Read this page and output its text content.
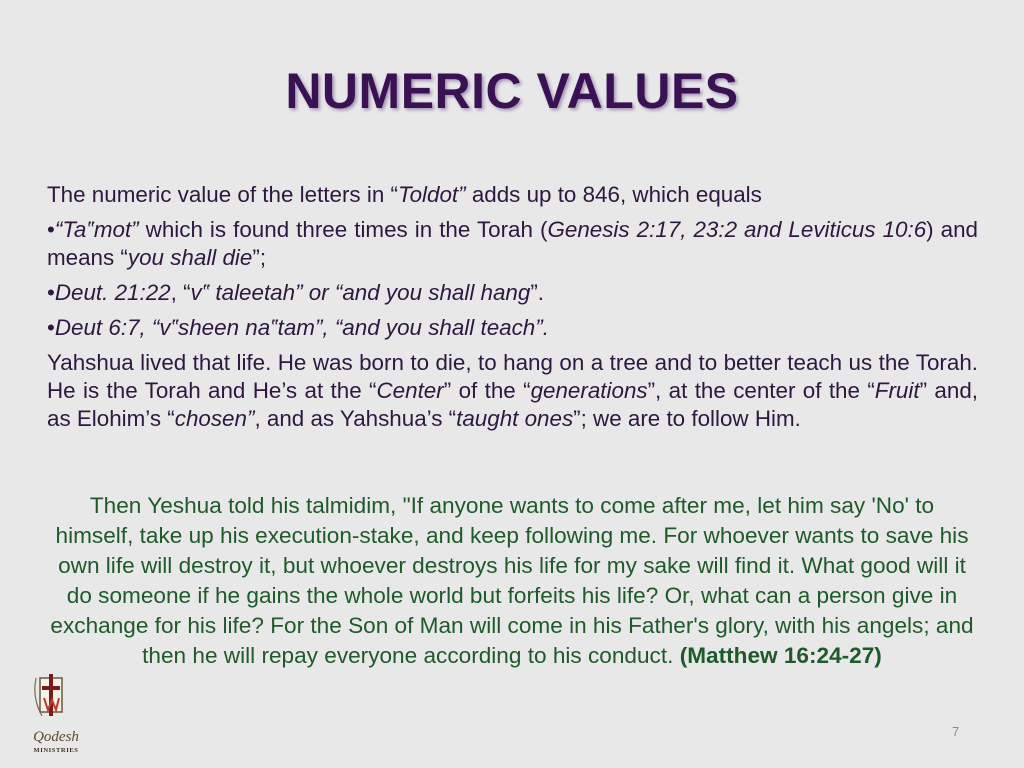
NUMERIC VALUES

The numeric value of the letters in “Toldot” adds up to 846, which equals

•“Ta‟mot” which is found three times in the Torah (Genesis 2:17, 23:2 and Leviticus 10:6) and means “you shall die”;

•Deut. 21:22, “v‟ taleetah” or “and you shall hang”.

•Deut 6:7, “v‟sheen na‟tam”, “and you shall teach”.

Yahshua lived that life. He was born to die, to hang on a tree and to better teach us the Torah. He is the Torah and He’s at the “Center” of the “generations”, at the center of the “Fruit” and, as Elohim’s “chosen”, and as Yahshua’s “taught ones”; we are to follow Him.

Then Yeshua told his talmidim, "If anyone wants to come after me, let him say 'No' to himself, take up his execution-stake, and keep following me. For whoever wants to save his own life will destroy it, but whoever destroys his life for my sake will find it. What good will it do someone if he gains the whole world but forfeits his life? Or, what can a person give in exchange for his life? For the Son of Man will come in his Father's glory, with his angels; and then he will repay everyone according to his conduct. (Matthew 16:24-27)
Qodesh
MINISTRIES
7
